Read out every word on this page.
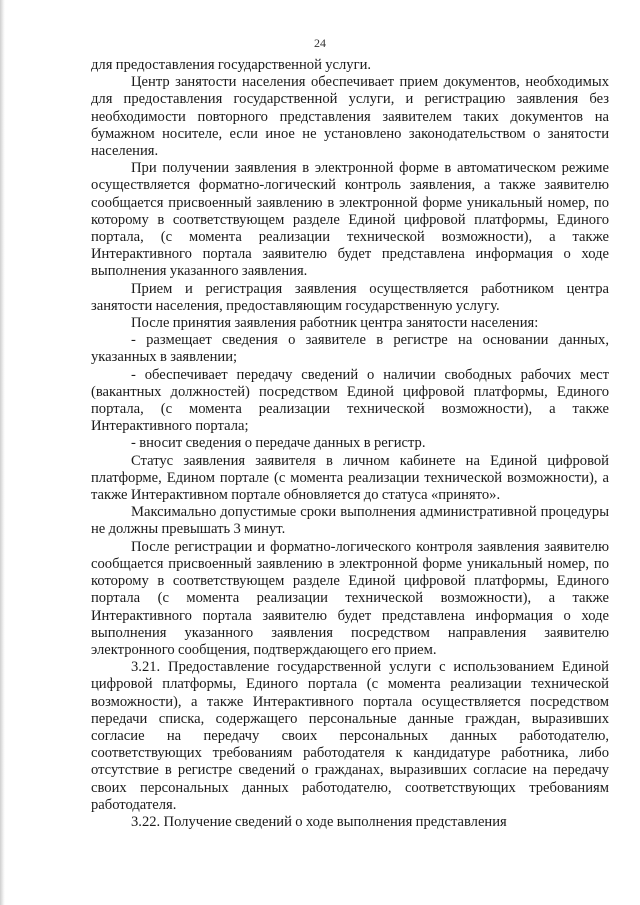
24

для предоставления государственной услуги.

Центр занятости населения обеспечивает прием документов, необходимых для предоставления государственной услуги, и регистрацию заявления без необходимости повторного представления заявителем таких документов на бумажном носителе, если иное не установлено законодательством о занятости населения.

При получении заявления в электронной форме в автоматическом режиме осуществляется форматно-логический контроль заявления, а также заявителю сообщается присвоенный заявлению в электронной форме уникальный номер, по которому в соответствующем разделе Единой цифровой платформы, Единого портала, (с момента реализации технической возможности), а также Интерактивного портала заявителю будет представлена информация о ходе выполнения указанного заявления.

Прием и регистрация заявления осуществляется работником центра занятости населения, предоставляющим государственную услугу.

После принятия заявления работник центра занятости населения:

- размещает сведения о заявителе в регистре на основании данных, указанных в заявлении;

- обеспечивает передачу сведений о наличии свободных рабочих мест (вакантных должностей) посредством Единой цифровой платформы, Единого портала, (с момента реализации технической возможности), а также Интерактивного портала;

- вносит сведения о передаче данных в регистр.

Статус заявления заявителя в личном кабинете на Единой цифровой платформе, Едином портале (с момента реализации технической возможности), а также Интерактивном портале обновляется до статуса «принято».

Максимально допустимые сроки выполнения административной процедуры не должны превышать 3 минут.

После регистрации и форматно-логического контроля заявления заявителю сообщается присвоенный заявлению в электронной форме уникальный номер, по которому в соответствующем разделе Единой цифровой платформы, Единого портала (с момента реализации технической возможности), а также Интерактивного портала заявителю будет представлена информация о ходе выполнения указанного заявления посредством направления заявителю электронного сообщения, подтверждающего его прием.

3.21. Предоставление государственной услуги с использованием Единой цифровой платформы, Единого портала (с момента реализации технической возможности), а также Интерактивного портала осуществляется посредством передачи списка, содержащего персональные данные граждан, выразивших согласие на передачу своих персональных данных работодателю, соответствующих требованиям работодателя к кандидатуре работника, либо отсутствие в регистре сведений о гражданах, выразивших согласие на передачу своих персональных данных работодателю, соответствующих требованиям работодателя.

3.22. Получение сведений о ходе выполнения представления
